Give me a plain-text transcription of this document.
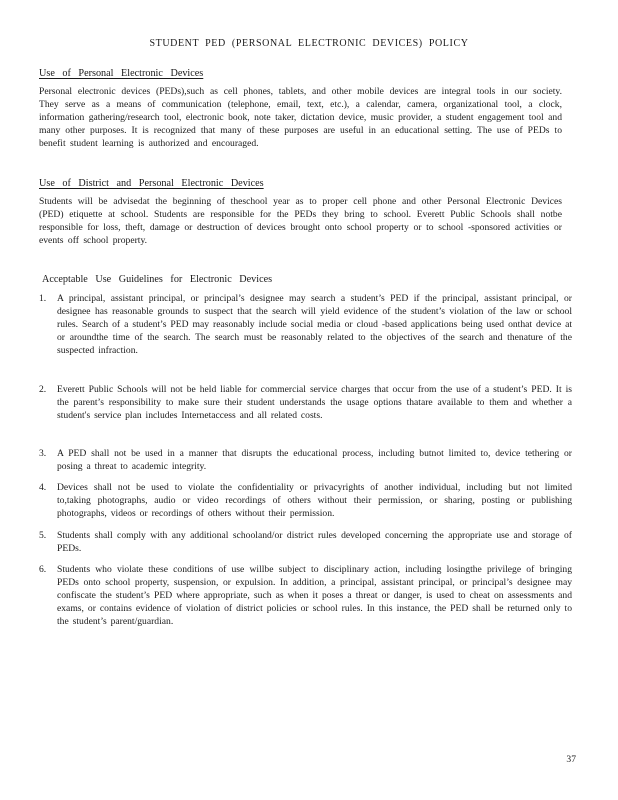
STUDENT PED (PERSONAL ELECTRONIC DEVICES) POLICY
Use of Personal Electronic Devices
Personal electronic devices (PEDs),such as cell phones, tablets, and other mobile devices are integral tools in our society. They serve as a means of communication (telephone, email, text, etc.), a calendar, camera, organizational tool, a clock, information gathering/research tool, electronic book, note taker, dictation device, music provider, a student engagement tool and many other purposes. It is recognized that many of these purposes are useful in an educational setting. The use of PEDs to benefit student learning is authorized and encouraged.
Use of District and Personal Electronic Devices
Students will be advisedat the beginning of theschool year as to proper cell phone and other Personal Electronic Devices (PED) etiquette at school. Students are responsible for the PEDs they bring to school. Everett Public Schools shall notbe responsible for loss, theft, damage or destruction of devices brought onto school property or to school -sponsored activities or events off school property.
Acceptable Use Guidelines for Electronic Devices
1.	A principal, assistant principal, or principal’s designee may search a student’s PED if the principal, assistant principal, or designee has reasonable grounds to suspect that the search will yield evidence of the student’s violation of the law or school rules. Search of a student’s PED may reasonably include social media or cloud -based applications being used onthat device at or aroundthe time of the search. The search must be reasonably related to the objectives of the search and thenature of the suspected infraction.
2.	Everett Public Schools will not be held liable for commercial service charges that occur from the use of a student’s PED. It is the parent’s responsibility to make sure their student understands the usage options thatare available to them and whether a student's service plan includes Internetaccess and all related costs.
3.	A PED shall not be used in a manner that disrupts the educational process, including butnot limited to, device tethering or posing a threat to academic integrity.
4.	Devices shall not be used to violate the confidentiality or privacyrights of another individual, including but not limited to,taking photographs, audio or video recordings of others without their permission, or sharing, posting or publishing photographs, videos or recordings of others without their permission.
5.	Students shall comply with any additional schooland/or district rules developed concerning the appropriate use and storage of PEDs.
6.	Students who violate these conditions of use willbe subject to disciplinary action, including losingthe privilege of bringing PEDs onto school property, suspension, or expulsion. In addition, a principal, assistant principal, or principal’s designee may confiscate the student’s PED where appropriate, such as when it poses a threat or danger, is used to cheat on assessments and exams, or contains evidence of violation of district policies or school rules. In this instance, the PED shall be returned only to the student’s parent/guardian.
37
